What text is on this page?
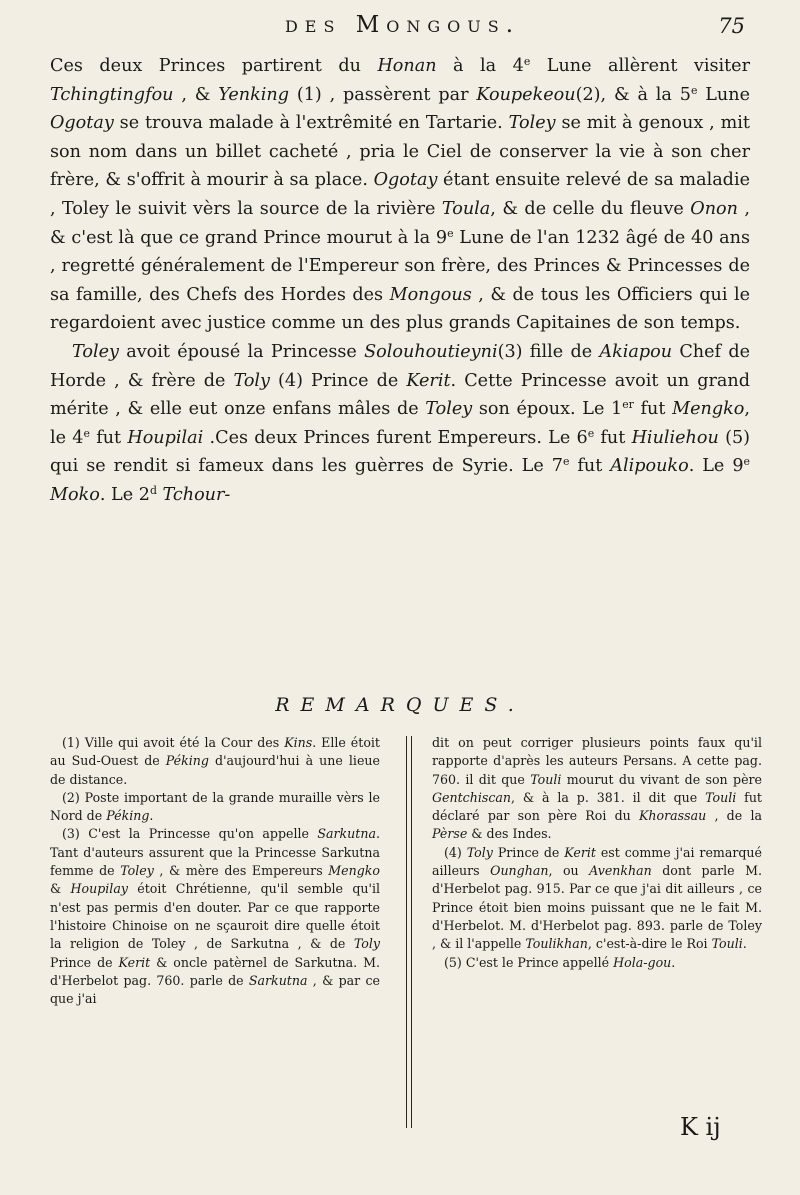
des Mongous.	75

Ces deux Princes partirent du Honan à la 4e Lune allèrent visiter Tchingtingfou , & Yenking (1) , passèrent par Koupekeou(2), & à la 5e Lune Ogotay se trouva malade à l'extrêmité en Tartarie. Toley se mit à genoux , mit son nom dans un billet cacheté , pria le Ciel de conserver la vie à son cher frère, & s'offrit à mourir à sa place. Ogotay étant ensuite relevé de sa maladie , Toley le suivit vèrs la source de la rivière Toula, & de celle du fleuve Onon , & c'est là que ce grand Prince mourut à la 9e Lune de l'an 1232 âgé de 40 ans , regretté généralement de l'Empereur son frère, des Princes & Princesses de sa famille, des Chefs des Hordes des Mongous , & de tous les Officiers qui le regardoient avec justice comme un des plus grands Capitaines de son temps.

Toley avoit épousé la Princesse Solouhoutieyni(3) fille de Akiapou Chef de Horde , & frère de Toly (4) Prince de Kerit. Cette Princesse avoit un grand mérite , & elle eut onze enfans mâles de Toley son époux. Le 1er fut Mengko, le 4e fut Houpilai .Ces deux Princes furent Empereurs. Le 6e fut Hiuliehou (5) qui se rendit si fameux dans les guèrres de Syrie. Le 7e fut Alipouko. Le 9e Moko. Le 2$^d$ Tchour-

REMARQUES.

(1) Ville qui avoit été la Cour des Kins. Elle étoit au Sud-Ouest de Péking d'aujourd'hui à une lieue de distance.

(2) Poste important de la grande muraille vèrs le Nord de Péking.

(3) C'est la Princesse qu'on appelle Sarkutna. Tant d'auteurs assurent que la Princesse Sarkutna femme de Toley , & mère des Empereurs Mengko & Houpilay étoit Chrétienne, qu'il semble qu'il n'est pas permis d'en douter. Par ce que rapporte l'histoire Chinoise on ne sçauroit dire quelle étoit la religion de Toley , de Sarkutna , & de Toly Prince de Kerit & oncle patèrnel de Sarkutna. M. d'Herbelot pag. 760. parle de Sarkutna , & par ce que j'ai

dit on peut corriger plusieurs points faux qu'il rapporte d'après les auteurs Persans. A cette pag. 760. il dit que Touli mourut du vivant de son père Gentchiscan, & à la p. 381. il dit que Touli fut déclaré par son père Roi du Khorassau , de la Pèrse & des Indes.

(4) Toly Prince de Kerit est comme j'ai remarqué ailleurs Ounghan, ou Avenkhan dont parle M. d'Herbelot pag. 915. Par ce que j'ai dit ailleurs , ce Prince étoit bien moins puissant que ne le fait M. d'Herbelot. M. d'Herbelot pag. 893. parle de Toley , & il l'appelle Toulikhan, c'est-à-dire le Roi Touli.

(5) C'est le Prince appellé Hola-gou.

K ij
